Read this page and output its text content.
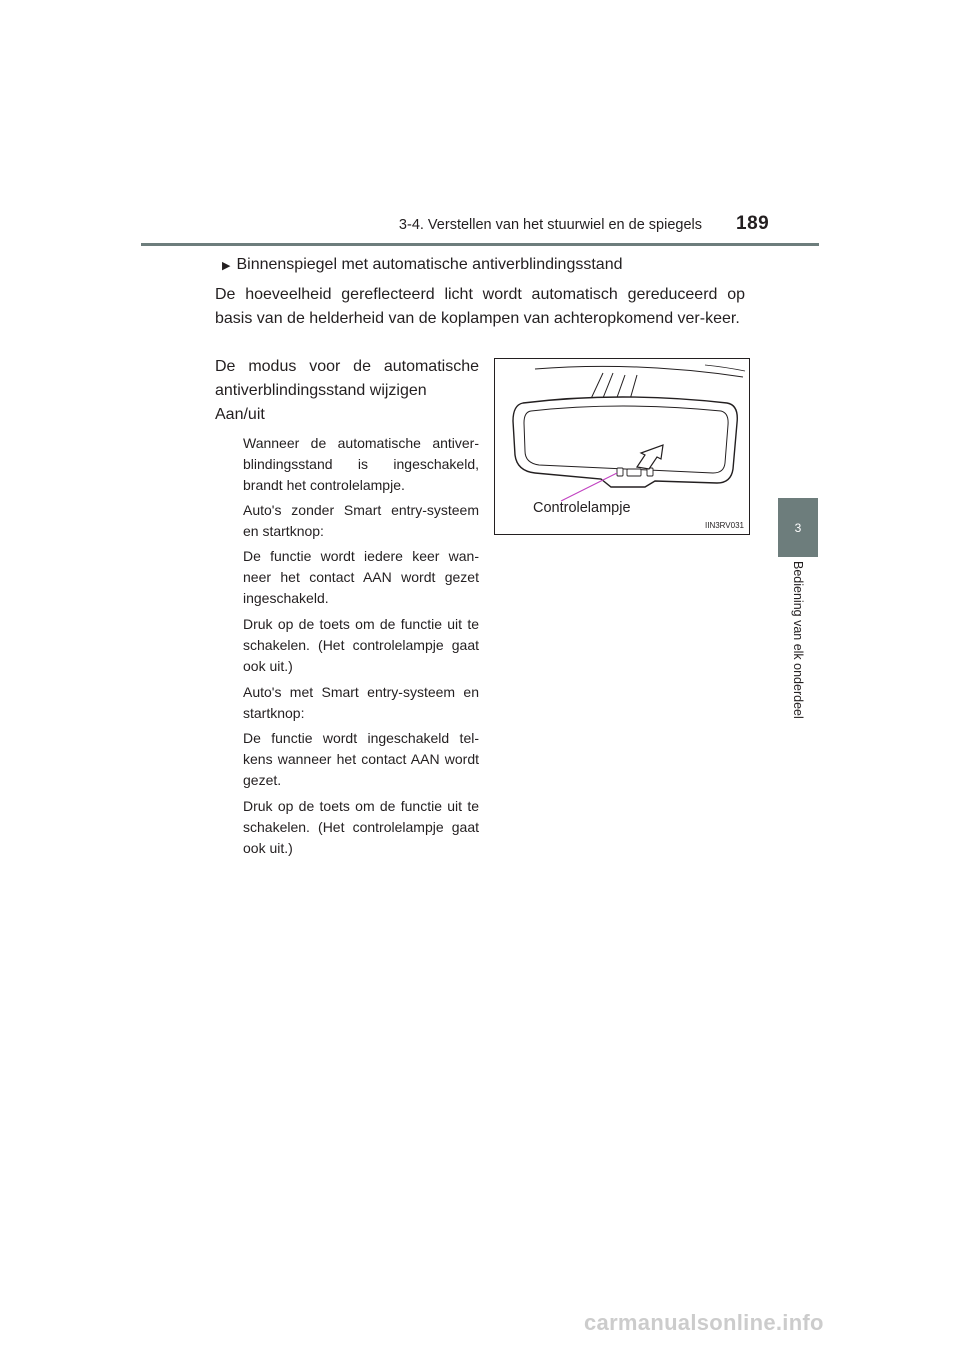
3-4. Verstellen van het stuurwiel en de spiegels 189
3
Bediening van elk onderdeel
▶ Binnenspiegel met automatische antiverblindingsstand
De hoeveelheid gereflecteerd licht wordt automatisch gereduceerd op basis van de helderheid van de koplampen van achteropkomend ver-keer.
De modus voor de automatische antiverblindingsstand wijzigen
Aan/uit
Wanneer de automatische antiver-blindingsstand is ingeschakeld, brandt het controlelampje.
Auto's zonder Smart entry-systeem en startknop:
De functie wordt iedere keer wan-neer het contact AAN wordt gezet ingeschakeld.
Druk op de toets om de functie uit te schakelen. (Het controlelampje gaat ook uit.)
Auto's met Smart entry-systeem en startknop:
De functie wordt ingeschakeld tel-kens wanneer het contact AAN wordt gezet.
Druk op de toets om de functie uit te schakelen. (Het controlelampje gaat ook uit.)
Controlelampje
IIN3RV031
carmanualsonline.info
